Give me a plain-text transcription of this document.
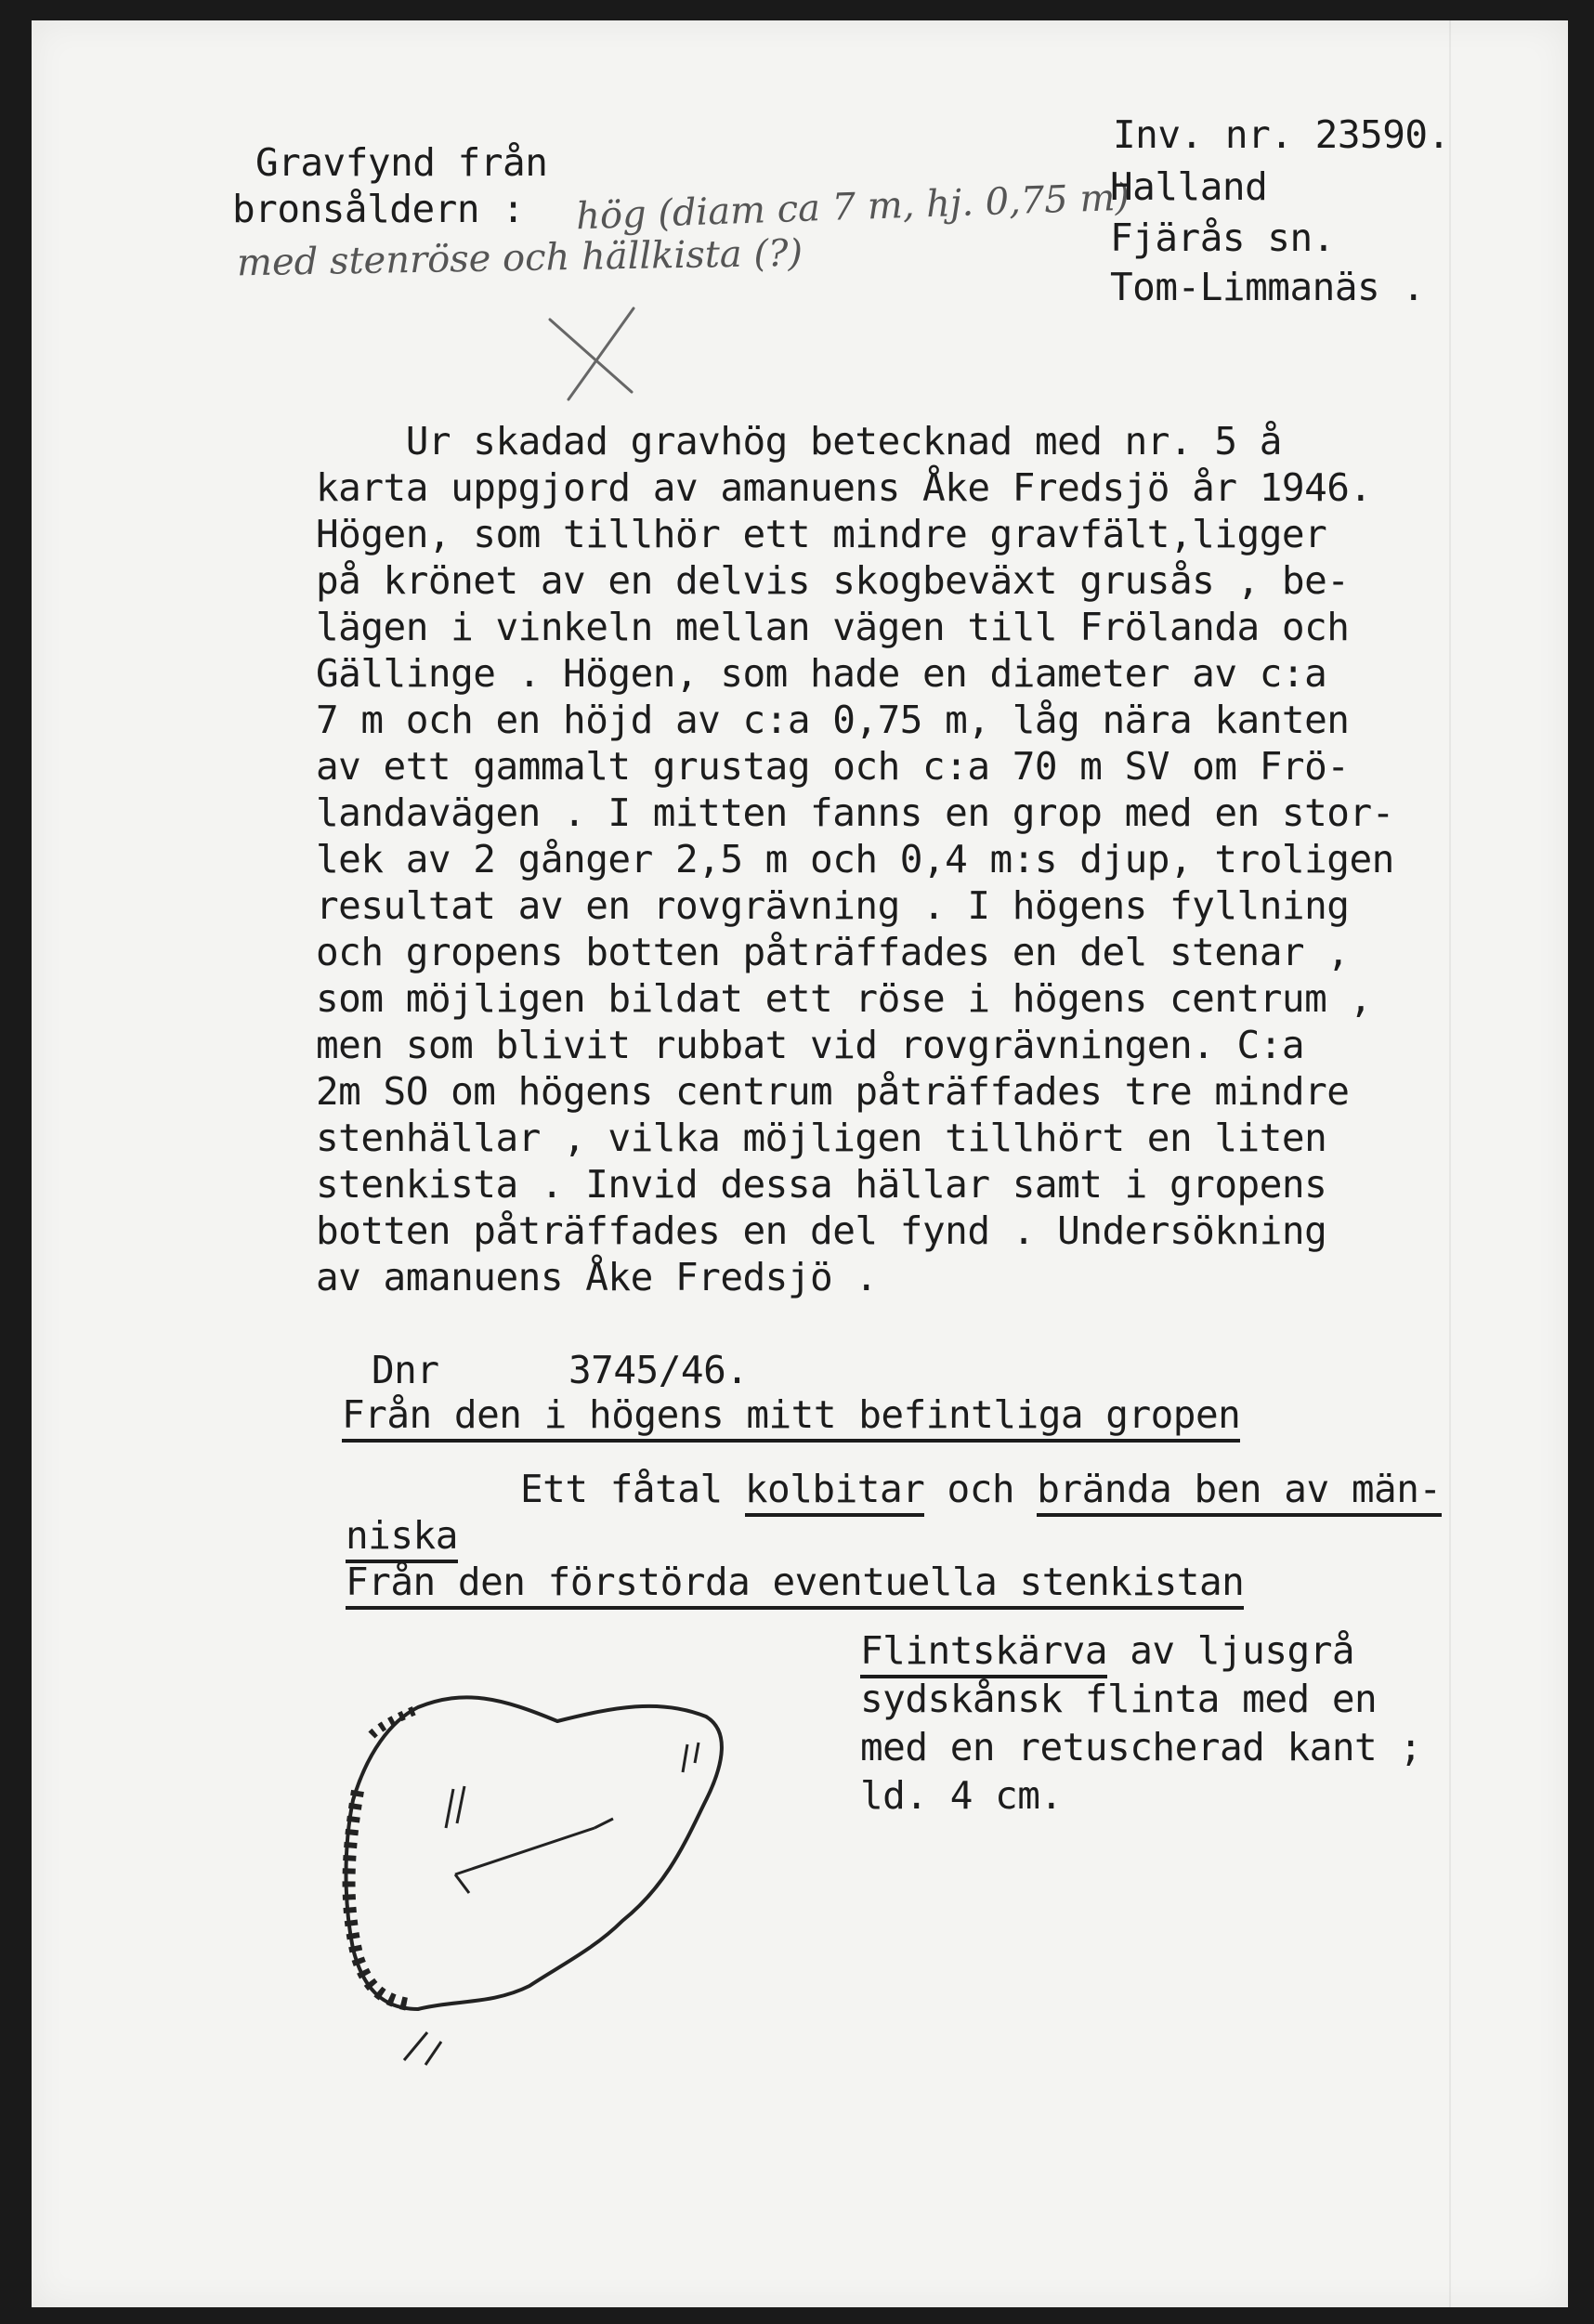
Gravfynd från
bronsåldern : hög (diam ca 7 m, hj. 0,75 m)
med stenröse och hällkista (?)
Inv. nr. 23590.
Halland
Fjärås sn.
Tom-Limmanäs .
Ur skadad gravhög betecknad med nr. 5 å
karta uppgjord av amanuens Åke Fredsjö år 1946.
Högen, som tillhör ett mindre gravfält,ligger
på krönet av en delvis skogbeväxt grusås , be-
lägen i vinkeln mellan vägen till Frölanda och
Gällinge . Högen, som hade en diameter av c:a
7 m och en höjd av c:a 0,75 m, låg nära kanten
av ett gammalt grustag och c:a 70 m SV om Frö-
landavägen . I mitten fanns en grop med en stor-
lek av 2 gånger 2,5 m och 0,4 m:s djup, troligen
resultat av en rovgrävning . I högens fyllning
och gropens botten påträffades en del stenar ,
som möjligen bildat ett röse i högens centrum ,
men som blivit rubbat vid rovgrävningen. C:a
2m SO om högens centrum påträffades tre mindre
stenhällar , vilka möjligen tillhört en liten
stenkista . Invid dessa hällar samt i gropens
botten påträffades en del fynd . Undersökning
av amanuens Åke Fredsjö .
Dnr	3745/46.
Från den i högens mitt befintliga gropen
Ett fåtal kolbitar och brända ben av män-
niska
Från den förstörda eventuella stenkistan
Flintskärva av ljusgrå
sydskånsk flinta med en
med en retuscherad kant ;
ld. 4 cm.
